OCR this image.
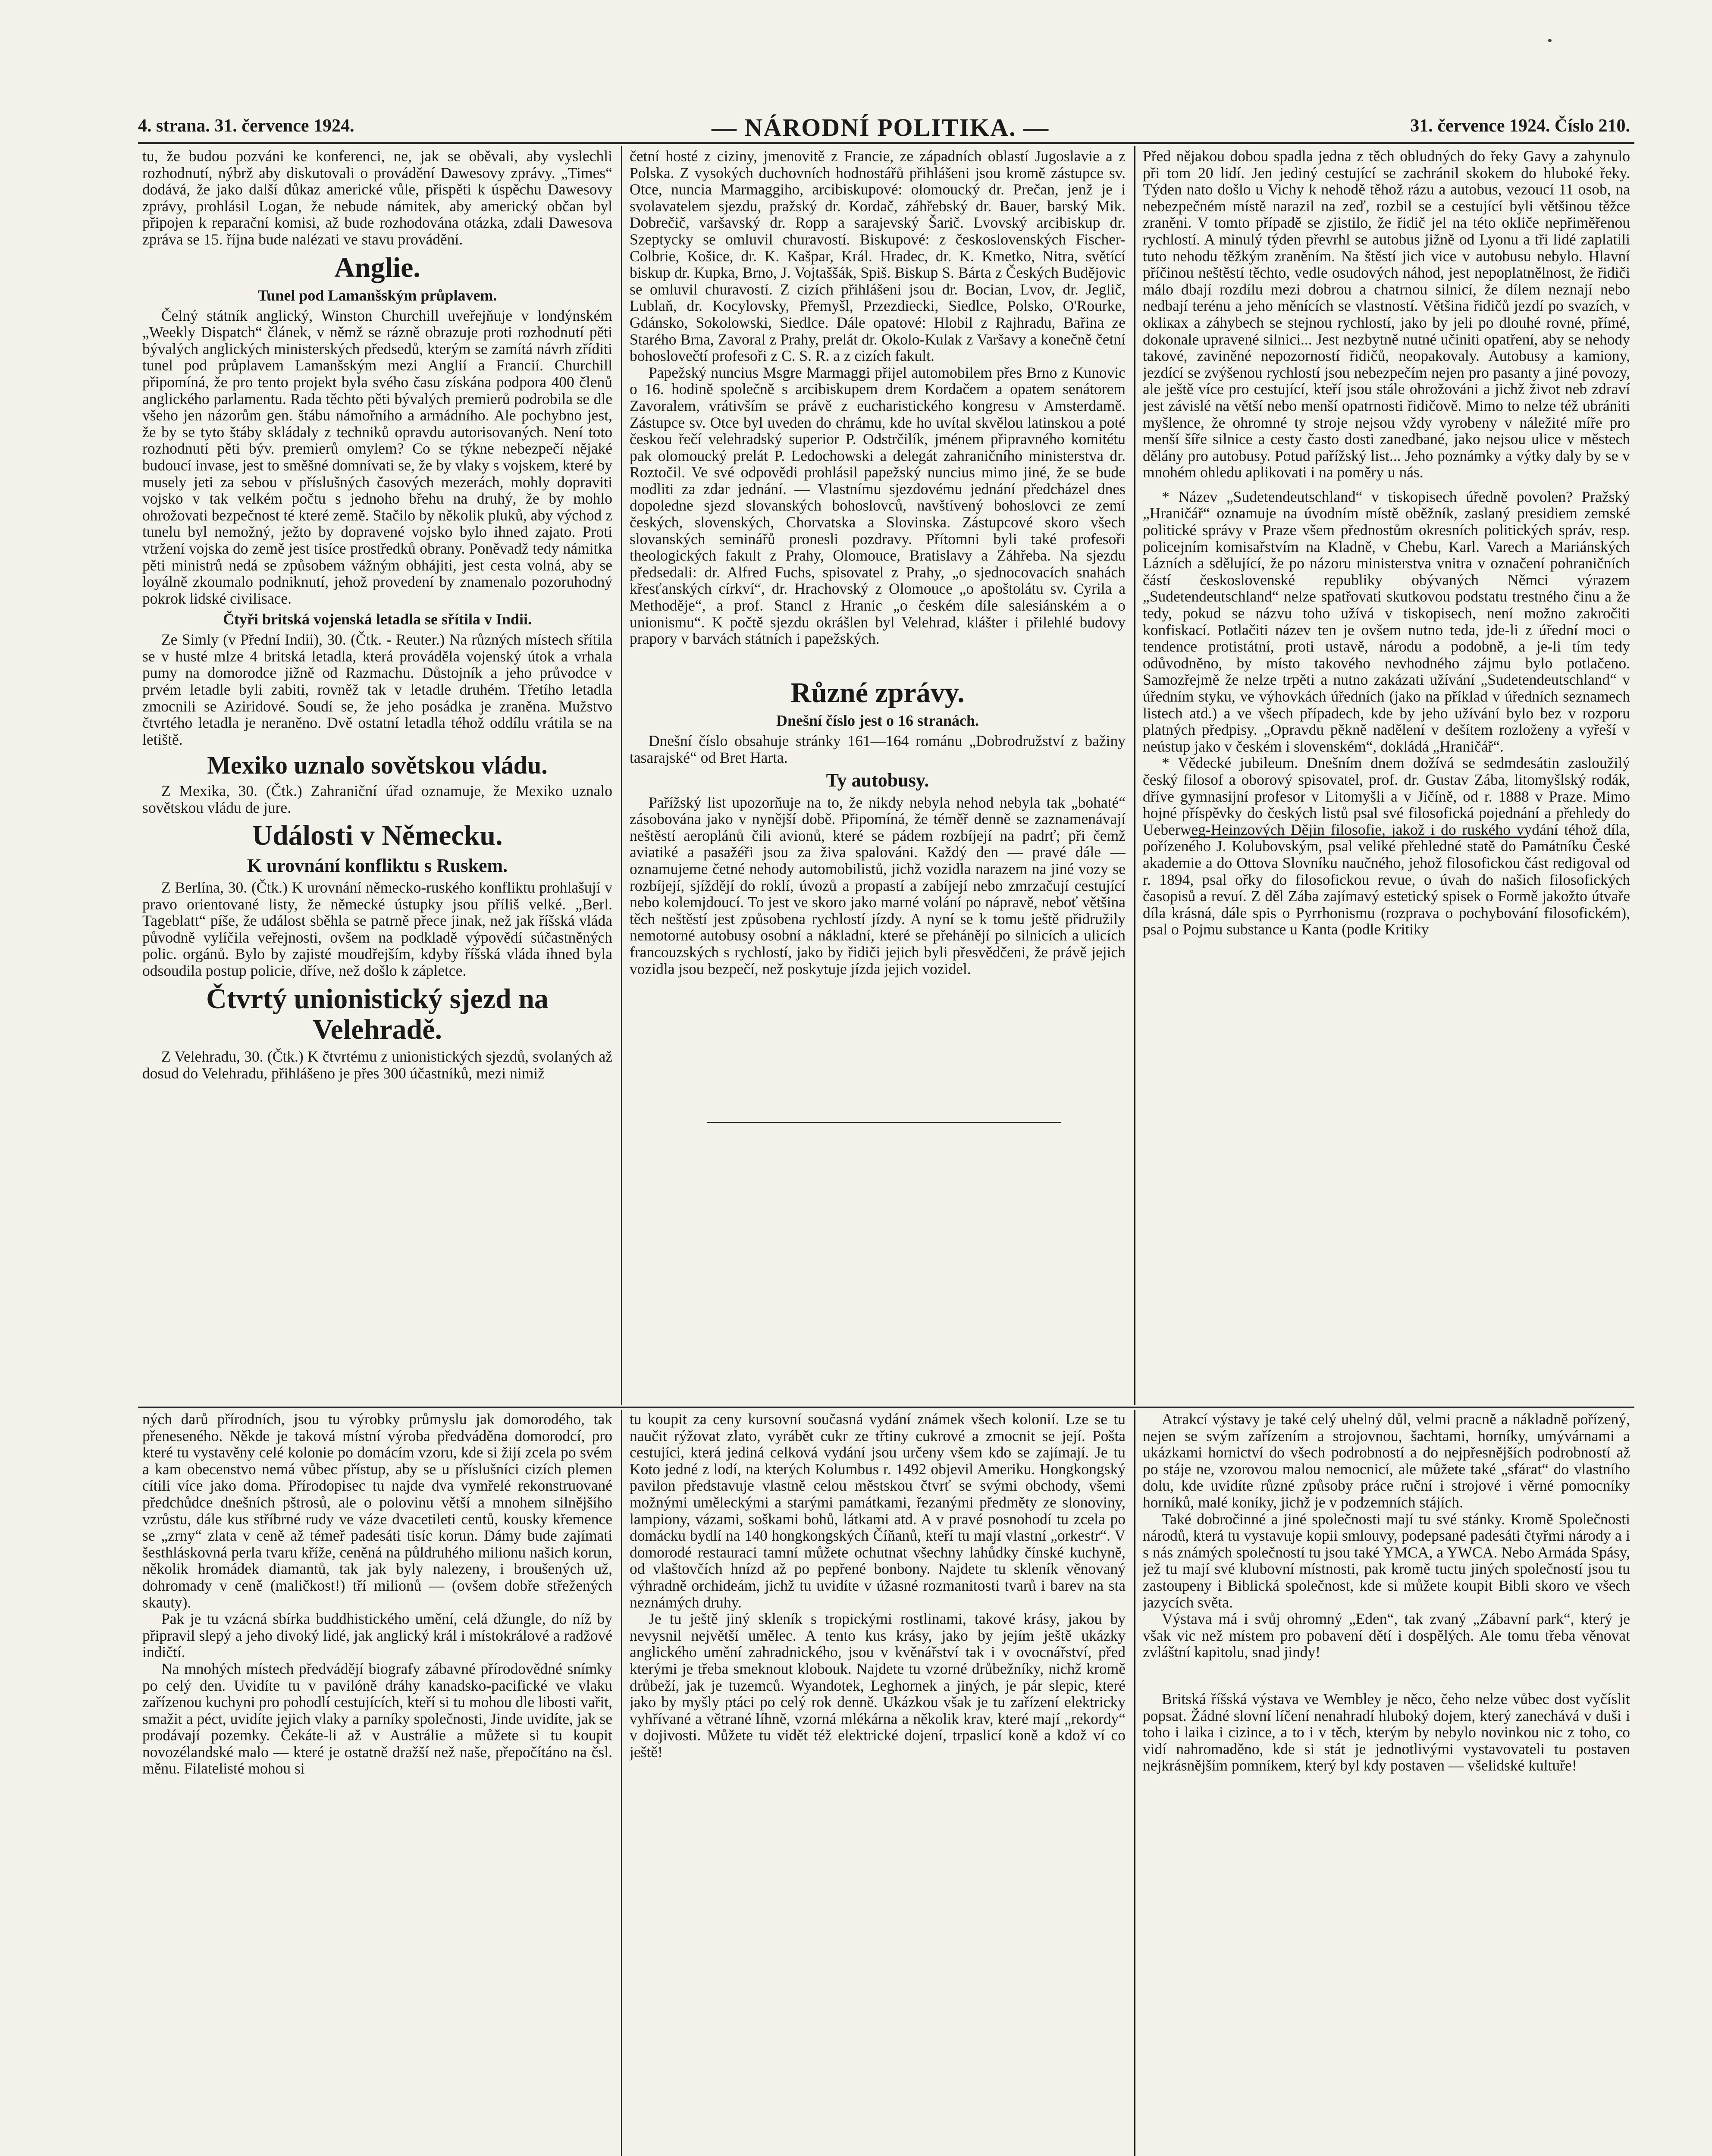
4. strana. 31. července 1924.	— NÁRODNÍ POLITIKA. —	31. července 1924. Číslo 210.

tu, že budou pozváni ke konferenci, ne, jak se oběvali, aby vyslechli rozhodnutí, nýbrž aby diskutovali o provádění Dawesovy zprávy. „Times“ dodává, že jako další důkaz americké vůle, přispěti k úspěchu Dawesovy zprávy, prohlásil Logan, že nebude námitek, aby americký občan byl připojen k reparační komisi, až bude rozhodována otázka, zdali Dawesova zpráva se 15. října bude nalézati ve stavu provádění.

Anglie.
Tunel pod Lamanšským průplavem.

Čelný státník anglický, Winston Churchill uveřejňuje v londýnském „Weekly Dispatch“ článek, v němž se rázně obrazuje proti rozhodnutí pěti bývalých anglických ministerských předsedů, kterým se zamítá návrh zříditi tunel pod průplavem Lamanšským mezi Anglií a Francií. Churchill připomíná, že pro tento projekt byla svého času získána podpora 400 členů anglického parlamentu. Rada těchto pěti bývalých premierů podrobila se dle všeho jen názorům gen. štábu námořního a armádního. Ale pochybno jest, že by se tyto štáby skládaly z techniků opravdu autorisovaných. Není toto rozhodnutí pěti býv. premierů omylem? Co se týkne nebezpečí nějaké budoucí invase, jest to směšné domnívati se, že by vlaky s vojskem, které by musely jeti za sebou v příslušných časových mezerách, mohly dopraviti vojsko v tak velkém počtu s jednoho břehu na druhý, že by mohlo ohrožovati bezpečnost té které země. Stačilo by několik pluků, aby východ z tunelu byl nemožný, ježto by dopravené vojsko bylo ihned zajato. Proti vtržení vojska do země jest tisíce prostředků obrany. Poněvadž tedy námitka pěti ministrů nedá se způsobem vážným obhájiti, jest cesta volná, aby se loyálně zkoumalo podniknutí, jehož provedení by znamenalo pozoruhodný pokrok lidské civilisace.

Čtyři britská vojenská letadla se sřítila v Indii.

Ze Simly (v Přední Indii), 30. (Čtk. - Reuter.) Na různých místech sřítila se v husté mlze 4 britská letadla, která prováděla vojenský útok a vrhala pumy na domorodce jižně od Razmachu. Důstojník a jeho průvodce v prvém letadle byli zabiti, rovněž tak v letadle druhém. Třetího letadla zmocnili se Aziridové. Soudí se, že jeho posádka je zraněna. Mužstvo čtvrtého letadla je neraněno. Dvě ostatní letadla téhož oddílu vrátila se na letiště.

Mexiko uznalo sovětskou vládu.

Z Mexika, 30. (Čtk.) Zahraniční úřad oznamuje, že Mexiko uznalo sovětskou vládu de jure.

Události v Německu.
K urovnání konfliktu s Ruskem.

Z Berlína, 30. (Čtk.) K urovnání německo-ruského konfliktu prohlašují v pravo orientované listy, že německé ústupky jsou příliš velké. „Berl. Tageblatt“ píše, že událost sběhla se patrně přece jinak, než jak říšská vláda původně vylíčila veřejnosti, ovšem na podkladě výpovědí súčastněných polic. orgánů. Bylo by zajisté moudřejším, kdyby říšská vláda ihned byla odsoudila postup policie, dříve, než došlo k zápletce.

Čtvrtý unionistický sjezd na Velehradě.

Z Velehradu, 30. (Čtk.) K čtvrtému z unionistických sjezdů, svolaných až dosud do Velehradu, přihlášeno je přes 300 účastníků, mezi nimiž

četní hosté z ciziny, jmenovitě z Francie, ze západních oblastí Jugoslavie a z Polska. Z vysokých duchovních hodnostářů přihlášeni jsou kromě zástupce sv. Otce, nuncia Marmaggiho, arcibiskupové: olomoucký dr. Prečan, jenž je i svolavatelem sjezdu, pražský dr. Kordač, záhřebský dr. Bauer, barský Mik. Dobrečič, varšavský dr. Ropp a sarajevský Šarič. Lvovský arcibiskup dr. Szeptycky se omluvil churavostí. Biskupové: z československých Fischer-Colbrie, Košice, dr. K. Kašpar, Král. Hradec, dr. K. Kmetko, Nitra, světící biskup dr. Kupka, Brno, J. Vojtaššák, Spiš. Biskup S. Bárta z Českých Budějovic se omluvil churavostí. Z cizích přihlášeni jsou dr. Bocian, Lvov, dr. Jeglič, Lublaň, dr. Kocylovsky, Přemyšl, Przezdiecki, Siedlce, Polsko, O'Rourke, Gdánsko, Sokolowski, Siedlce. Dále opatové: Hlobil z Rajhradu, Bařina ze Starého Brna, Zavoral z Prahy, prelát dr. Okolo-Kulak z Varšavy a konečně četní bohoslovečtí profesoři z C. S. R. a z cizích fakult.

Papežský nuncius Msgre Marmaggi přijel automobilem přes Brno z Kunovic o 16. hodině společně s arcibiskupem drem Kordačem a opatem senátorem Zavoralem, vrátivším se právě z eucharistického kongresu v Amsterdamě. Zástupce sv. Otce byl uveden do chrámu, kde ho uvítal skvělou latinskou a poté českou řečí velehradský superior P. Odstrčilík, jménem připravného komitétu pak olomoucký prelát P. Ledochowski a delegát zahraničního ministerstva dr. Roztočil. Ve své odpovědi prohlásil papežský nuncius mimo jiné, že se bude modliti za zdar jednání. — Vlastnímu sjezdovému jednání předcházel dnes dopoledne sjezd slovanských bohoslovců, navštívený bohoslovci ze zemí českých, slovenských, Chorvatska a Slovinska. Zástupcové skoro všech slovanských seminářů pronesli pozdravy. Přítomni byli také profesoři theologických fakult z Prahy, Olomouce, Bratislavy a Záhřeba. Na sjezdu předsedali: dr. Alfred Fuchs, spisovatel z Prahy, „o sjednocovacích snahách křesťanských církví“, dr. Hrachovský z Olomouce „o apoštolátu sv. Cyrila a Methoděje“, a prof. Stancl z Hranic „o českém díle salesiánském a o unionismu“. K počtě sjezdu okrášlen byl Velehrad, klášter i přilehlé budovy prapory v barvách státních i papežských.

Různé zprávy.
Dnešní číslo jest o 16 stranách.

Dnešní číslo obsahuje stránky 161—164 románu „Dobrodružství z bažiny tasarajské“ od Bret Harta.

Ty autobusy.

Pařížský list upozorňuje na to, že nikdy nebyla nehod nebyla tak „bohaté“ zásobována jako v nynější době. Připomíná, že téměř denně se zaznamenávají neštěstí aeroplánů čili avionů, které se pádem rozbíjejí na padrť; při čemž aviatiké a pasažéři jsou za živa spalováni. Každý den — pravé dále — oznamujeme četné nehody automobilistů, jichž vozidla narazem na jiné vozy se rozbíjejí, sjíždějí do roklí, úvozů a propastí a zabíjejí nebo zmrzačují cestující nebo kolemjdoucí. To jest ve skoro jako marné volání po nápravě, neboť většina těch neštěstí jest způsobena rychlostí jízdy. A nyní se k tomu ještě přidružily nemotorné autobusy osobní a nákladní, které se přehánějí po silnicích a ulicích francouzských s rychlostí, jako by řidiči jejich byli přesvědčeni, že právě jejich vozidla jsou bezpečí, než poskytuje jízda jejich vozidel.

Před nějakou dobou spadla jedna z těch obludných do řeky Gavy a zahynulo při tom 20 lidí. Jen jediný cestující se zachránil skokem do hluboké řeky. Týden nato došlo u Vichy k nehodě těhož rázu a autobus, vezoucí 11 osob, na nebezpečném místě narazil na zeď, rozbil se a cestující byli většinou těžce zraněni. V tomto případě se zjistilo, že řidič jel na této okliče nepřiměřenou rychlostí. A minulý týden převrhl se autobus jižně od Lyonu a tři lidé zaplatili tuto nehodu těžkým zraněním. Na štěstí jich vice v autobusu nebylo. Hlavní příčinou neštěstí těchto, vedle osudových náhod, jest nepoplatnělnost, že řidiči málo dbají rozdílu mezi dobrou a chatrnou silnicí, že dílem neznají nebo nedbají terénu a jeho měnících se vlastností. Většina řidičů jezdí po svazích, v okliках a záhybech se stejnou rychlostí, jako by jeli po dlouhé rovné, přímé, dokonale upravené silnici... Jest nezbytně nutné učiniti opatření, aby se nehody takové, zaviněné nepozorností řidičů, neopakovaly. Autobusy a kamiony, jezdící se zvýšenou rychlostí jsou nebezpečím nejen pro pasanty a jiné povozy, ale ještě více pro cestující, kteří jsou stále ohrožováni a jichž život neb zdraví jest závislé na větší nebo menší opatrnosti řidičově. Mimo to nelze též ubrániti myšlence, že ohromné ty stroje nejsou vždy vyrobeny v náležité míře pro menší šíře silnice a cesty často dosti zanedbané, jako nejsou ulice v městech dělány pro autobusy. Potud pařížský list... Jeho poznámky a výtky daly by se v mnohém ohledu aplikovati i na poměry u nás.

* Název „Sudetendeutschland“ v tiskopisech úředně povolen? Pražský „Hraničář“ oznamuje na úvodním místě oběžník, zaslaný presidiem zemské politické správy v Praze všem přednostům okresních politických správ, resp. policejním komisařstvím na Kladně, v Chebu, Karl. Varech a Mariánských Lázních a sdělující, že po názoru ministerstva vnitra v označení pohraničních částí československé republiky obývaných Němci výrazem „Sudetendeutschland“ nelze spatřovati skutkovou podstatu trestného činu a že tedy, pokud se názvu toho užívá v tiskopisech, není možno zakročiti konfiskací. Potlačiti název ten je ovšem nutno teda, jde-li z úřední moci o tendence protistátní, proti ustavě, národu a podobně, a je-li tím tedy odůvodněno, by místo takového nevhodného zájmu bylo potlačeno. Samozřejmě že nelze trpěti a nutno zakázati užívání „Sudetendeutschland“ v úředním styku, ve výhovkách úředních (jako na příklad v úředních seznamech listech atd.) a ve všech případech, kde by jeho užívání bylo bez v rozporu platných předpisy. „Opravdu pěkně nadělení v dešítem rozloženy a vyřeší v neústup jako v českém i slovenském“, dokládá „Hraničář“.

* Vědecké jubileum. Dnešním dnem dožívá se sedmdesátin zasloužilý český filosof a oborový spisovatel, prof. dr. Gustav Zába, litomyšlský rodák, dříve gymnasijní profesor v Litomyšli a v Jičíně, od r. 1888 v Praze. Mimo hojné příspěvky do českých listů psal své filosofická pojednání a přehledy do Ueberweg-Heinzových Dějin filosofie, jakož i do ruského vydání téhož díla, pořízeného J. Kolubovským, psal veliké přehledné statě do Památníku České akademie a do Ottova Slovníku naučného, jehož filosofickou část redigoval od r. 1894, psal ořky do filosofickou revue, o úvah do našich filosofických časopisů a revuí. Z děl Zába zajímavý estetický spisek o Formě jakožto útvaře díla krásná, dále spis o Pyrrhonismu (rozprava o pochybování filosofickém), psal o Pojmu substance u Kanta (podle Kritiky

ných darů přírodních, jsou tu výrobky průmyslu jak domorodého, tak přeneseného. Někde je taková místní výroba předváděna domorodcí, pro které tu vystavěny celé kolonie po domácím vzoru, kde si žijí zcela po svém a kam obecenstvo nemá vůbec přístup, aby se u příslušníci cizích plemen cítili více jako doma. Přírodopisec tu najde dva vymřelé rekonstruované předchůdce dnešních pštrosů, ale o polovinu větší a mnohem silnějšího vzrůstu, dále kus stříbrné rudy ve váze dvacetileti centů, kousky křemence se „zrny“ zlata v ceně až témeř padesáti tisíc korun. Dámy bude zajímati šesthláskovná perla tvaru kříže, ceněná na půldruhého milionu našich korun, několik hromádek diamantů, tak jak byly nalezeny, i broušených už, dohromady v ceně (maličkost!) tří milionů — (ovšem dobře střežených skauty).

Pak je tu vzácná sbírka buddhistického umění, celá džungle, do níž by připravil slepý a jeho divoký lidé, jak anglický král i místokrálové a radžové indičtí.

Na mnohých místech předvádějí biografy zábavné přírodovědné snímky po celý den. Uvidíte tu v pavilóně dráhy kanadsko-pacifické ve vlaku zařízenou kuchyni pro pohodlí cestujících, kteří si tu mohou dle libosti vařit, smažit a péct, uvidíte jejich vlaky a parníky společnosti, Jinde uvidíte, jak se prodávají pozemky. Čekáte-li až v Austrálie a můžete si tu koupit novozélandské malo — které je ostatně dražší než naše, přepočítáno na čsl. měnu. Filatelisté mohou si

tu koupit za ceny kursovní současná vydání známek všech kolonií. Lze se tu naučit rýžovat zlato, vyrábět cukr ze třtiny cukrové a zmocnit se její. Pošta cestujíci, která jediná celková vydání jsou určeny všem kdo se zajímají. Je tu Koto jedné z lodí, na kterých Kolumbus r. 1492 objevil Ameriku. Hongkongský pavilon představuje vlastně celou městskou čtvrť se svými obchody, všemi možnými uměleckými a starými památkami, řezanými předměty ze slonoviny, lampiony, vázami, soškami bohů, látkami atd. A v pravé posnohodí tu zcela po domácku bydlí na 140 hongkongských Číňanů, kteří tu mají vlastní „orkestr“. V domorodé restauraci tamní můžete ochutnat všechny lahůdky čínské kuchyně, od vlaštovčích hnízd až po pepřené bonbony. Najdete tu skleník věnovaný výhradně orchideám, jichž tu uvidíte v úžasné rozmanitosti tvarů i barev na sta neznámých druhy.

Je tu ještě jiný skleník s tropickými rostlinami, takové krásy, jakou by nevysnil největší umělec. A tento kus krásy, jako by jejím ještě ukázky anglického umění zahradnického, jsou v kvěnářství tak i v ovocnářství, před kterými je třeba smeknout klobouk. Najdete tu vzorné drůbežníky, nichž kromě drůbeží, jak je tuzemců. Wyandotek, Leghornek a jiných, je pár slepic, které jako by myšly ptáci po celý rok denně. Ukázkou však je tu zařízení elektricky vyhřívané a větrané líhně, vzorná mlékárna a několik krav, které mají „rekordy“ v dojivosti. Můžete tu vidět též elektrické dojení, trpaslicí koně a kdož ví co ještě!

Atrakcí výstavy je také celý uhelný důl, velmi pracně a nákladně pořízený, nejen se svým zařízením a strojovnou, šachtami, horníky, umývárnami a ukázkami hornictví do všech podrobností a do nejpřesnějších podrobností až po stáje ne, vzorovou malou nemocnicí, ale můžete také „sfárat“ do vlastního dolu, kde uvidíte různé způsoby práce ruční i strojové i věrné pomocníky horníků, malé koníky, jichž je v podzemních stájích.

Také dobročinné a jiné společnosti mají tu své stánky. Kromě Společnosti národů, která tu vystavuje kopii smlouvy, podepsané padesáti čtyřmi národy a i s nás známých společností tu jsou také YMCA, a YWCA. Nebo Armáda Spásy, jež tu mají své klubovní místnosti, pak kromě tuctu jiných společností jsou tu zastoupeny i Biblická společnost, kde si můžete koupit Bibli skoro ve všech jazycích světa.

Výstava má i svůj ohromný „Eden“, tak zvaný „Zábavní park“, který je však vic než místem pro pobavení dětí i dospělých. Ale tomu třeba věnovat zvláštní kapitolu, snad jindy!

Britská říšská výstava ve Wembley je něco, čeho nelze vůbec dost vyčíslit popsat. Žádné slovní líčení nenahradí hluboký dojem, který zanechává v duši i toho i laika i cizince, a to i v těch, kterým by nebylo novinkou nic z toho, co vidí nahromaděno, kde si stát je jednotlivými vystavovateli tu postaven nejkrásnějším pomníkem, který byl kdy postaven — všelidské kultuře!
